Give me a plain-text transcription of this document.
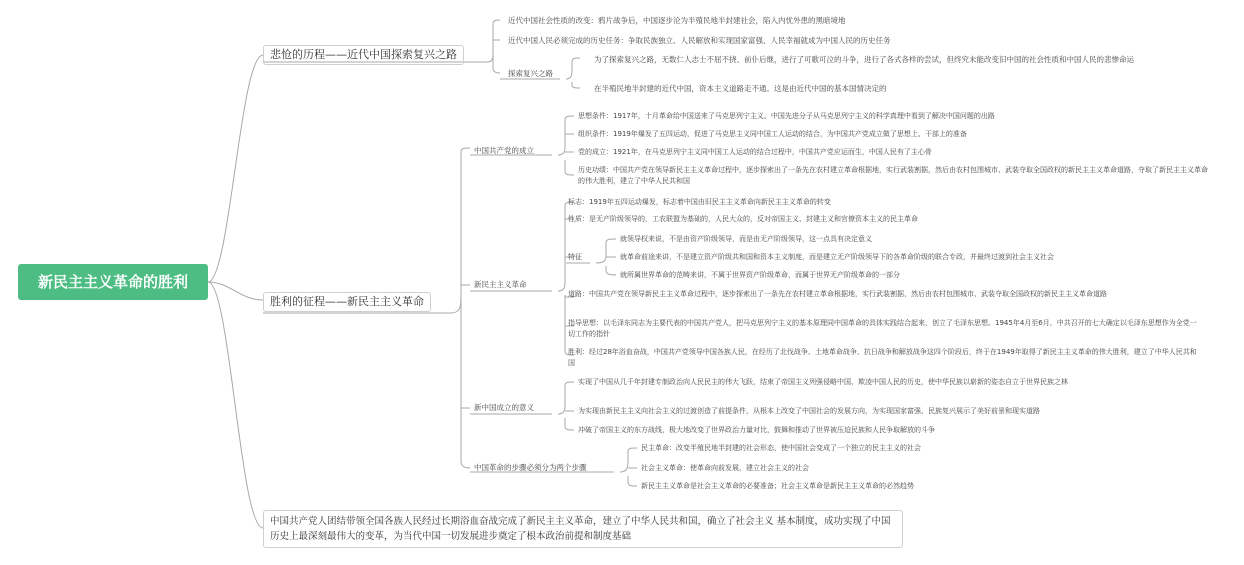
新民主主义革命的胜利
悲怆的历程——近代中国探索复兴之路
近代中国社会性质的改变：鸦片战争后，中国逐步沦为半殖民地半封建社会，陷入内忧外患的黑暗境地
近代中国人民必须完成的历史任务：争取民族独立、人民解放和实现国家富强、人民幸福就成为中国人民的历史任务
探索复兴之路
为了探索复兴之路，无数仁人志士不屈不挠、前仆后继，进行了可歌可泣的斗争，进行了各式各样的尝试，但终究未能改变旧中国的社会性质和中国人民的悲惨命运
在半殖民地半封建的近代中国，资本主义道路走不通。这是由近代中国的基本国情决定的
胜利的征程——新民主主义革命
中国共产党的成立
思想条件：1917年，十月革命给中国送来了马克思列宁主义。中国先进分子从马克思列宁主义的科学真理中看到了解决中国问题的出路
组织条件：1919年爆发了五四运动，促进了马克思主义同中国工人运动的结合，为中国共产党成立做了思想上、干部上的准备
党的成立：1921年，在马克思列宁主义同中国工人运动的结合过程中，中国共产党应运而生，中国人民有了主心骨
历史功绩：中国共产党在领导新民主主义革命过程中，逐步探索出了一条先在农村建立革命根据地，实行武装割据，然后由农村包围城市、武装夺取全国政权的新民主主义革命道路，夺取了新民主主义革命的伟大胜利，建立了中华人民共和国
新民主主义革命
标志：1919年五四运动爆发，标志着中国由旧民主主义革命向新民主主义革命的转变
性质：是无产阶级领导的，工农联盟为基础的，人民大众的，反对帝国主义、封建主义和官僚资本主义的民主革命
特征
就领导权来说，不是由资产阶级领导，而是由无产阶级领导，这一点具有决定意义
就革命前途来讲，不是建立资产阶级共和国和资本主义制度，而是建立无产阶级领导下的各革命阶级的联合专政，并最终过渡到社会主义社会
就所属世界革命的范畴来讲，不属于世界资产阶级革命，而属于世界无产阶级革命的一部分
道路：中国共产党在领导新民主主义革命过程中，逐步探索出了一条先在农村建立革命根据地，实行武装割据，然后由农村包围城市、武装夺取全国政权的新民主主义革命道路
指导思想：以毛泽东同志为主要代表的中国共产党人，把马克思列宁主义的基本原理同中国革命的具体实践结合起来，创立了毛泽东思想。1945年4月至6月，中共召开的七大确定以毛泽东思想作为全党一切工作的指针
胜利：经过28年浴血奋战，中国共产党领导中国各族人民，在经历了北伐战争、土地革命战争、抗日战争和解放战争这四个阶段后，终于在1949年取得了新民主主义革命的伟大胜利，建立了中华人民共和国
新中国成立的意义
实现了中国从几千年封建专制政治向人民民主的伟大飞跃，结束了帝国主义列强侵略中国、欺凌中国人民的历史，使中华民族以崭新的姿态自立于世界民族之林
为实现由新民主主义向社会主义的过渡创造了前提条件，从根本上改变了中国社会的发展方向，为实现国家富强、民族复兴展示了美好前景和现实道路
冲破了帝国主义的东方战线，极大地改变了世界政治力量对比，鼓舞和推动了世界被压迫民族和人民争取解放的斗争
中国革命的步骤必须分为两个步骤
民主革命：改变半殖民地半封建的社会形态，使中国社会变成了一个独立的民主主义的社会
社会主义革命：使革命向前发展，建立社会主义的社会
新民主主义革命是社会主义革命的必要准备；社会主义革命是新民主主义革命的必然趋势
中国共产党人团结带领全国各族人民经过长期浴血奋战完成了新民主主义革命，建立了中华人民共和国，确立了社会主义 基本制度，成功实现了中国历史上最深刻最伟大的变革，为当代中国一切发展进步奠定了根本政治前提和制度基础
